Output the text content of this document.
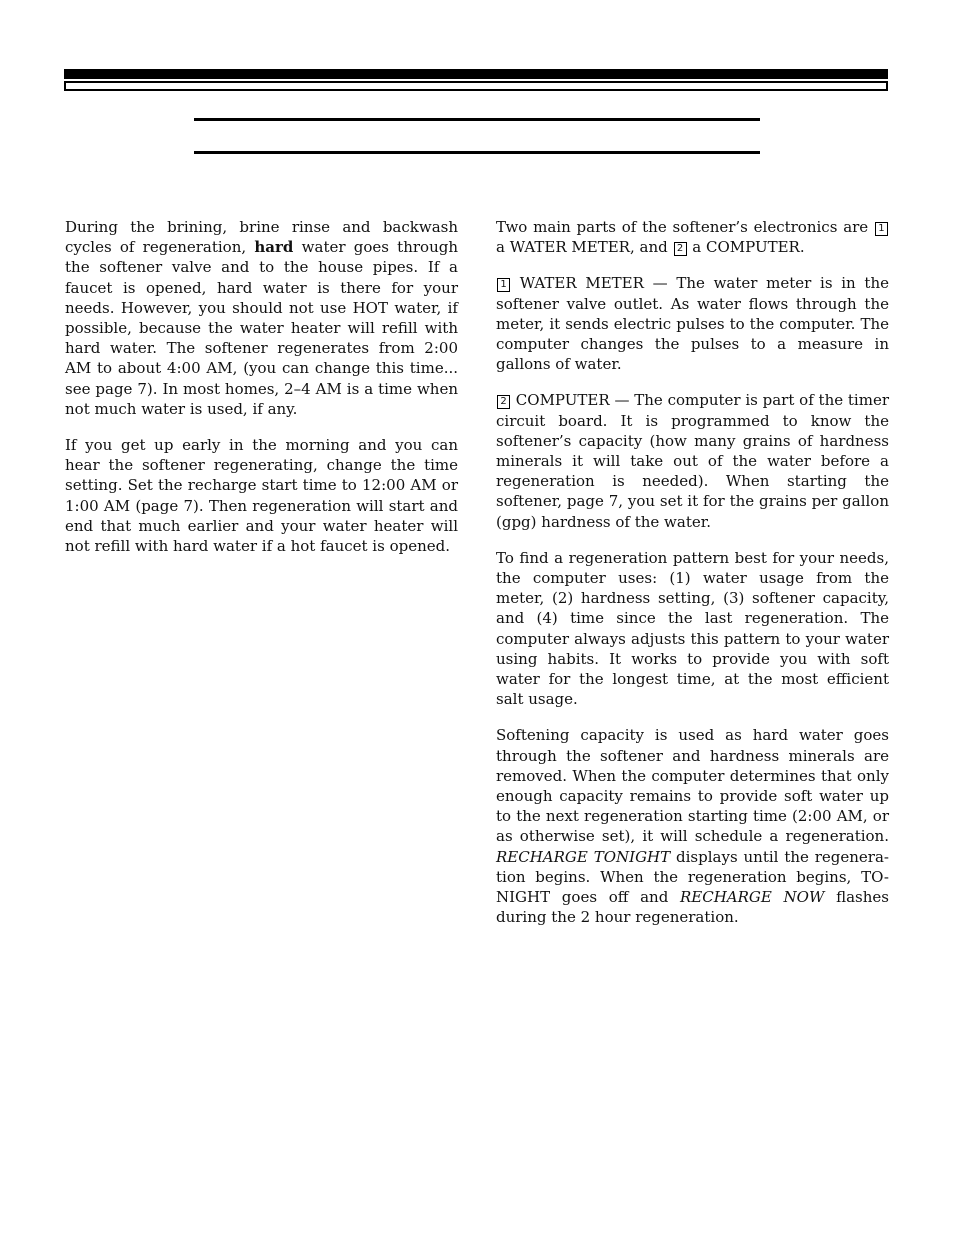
During the brining, brine rinse and backwash cycles of regeneration, hard water goes through the softener valve and to the house pipes. If a faucet is opened, hard water is there for your needs. However, you should not use HOT water, if possible, because the water heater will refill with hard water. The softener regenerates from 2:00 AM to about 4:00 AM, (you can change this time... see page 7). In most homes, 2–4 AM is a time when not much water is used, if any.

If you get up early in the morning and you can hear the softener regenerating, change the time setting. Set the recharge start time to 12:00 AM or 1:00 AM (page 7). Then regeneration will start and end that much earlier and your water heater will not refill with hard water if a hot faucet is opened.

Two main parts of the softener’s electronics are 1 a WATER METER, and 2 a COMPUTER.

1 WATER METER — The water meter is in the softener valve outlet. As water flows through the meter, it sends electric pulses to the computer. The computer changes the pulses to a measure in gallons of water.

2 COMPUTER — The computer is part of the timer circuit board. It is programmed to know the softener’s capacity (how many grains of hardness minerals it will take out of the water before a regeneration is needed). When starting the softener, page 7, you set it for the grains per gallon (gpg) hardness of the water.

To find a regeneration pattern best for your needs, the computer uses: (1) water usage from the meter, (2) hardness setting, (3) softener capacity, and (4) time since the last regeneration. The computer always adjusts this pattern to your water using habits. It works to provide you with soft water for the longest time, at the most efficient salt usage.

Softening capacity is used as hard water goes through the softener and hardness minerals are removed. When the computer determines that only enough capacity remains to provide soft water up to the next regeneration starting time (2:00 AM, or as otherwise set), it will schedule a regeneration. RECHARGE TONIGHT displays until the regenera-tion begins. When the regeneration begins, TO-NIGHT goes off and RECHARGE NOW flashes during the 2 hour regeneration.
